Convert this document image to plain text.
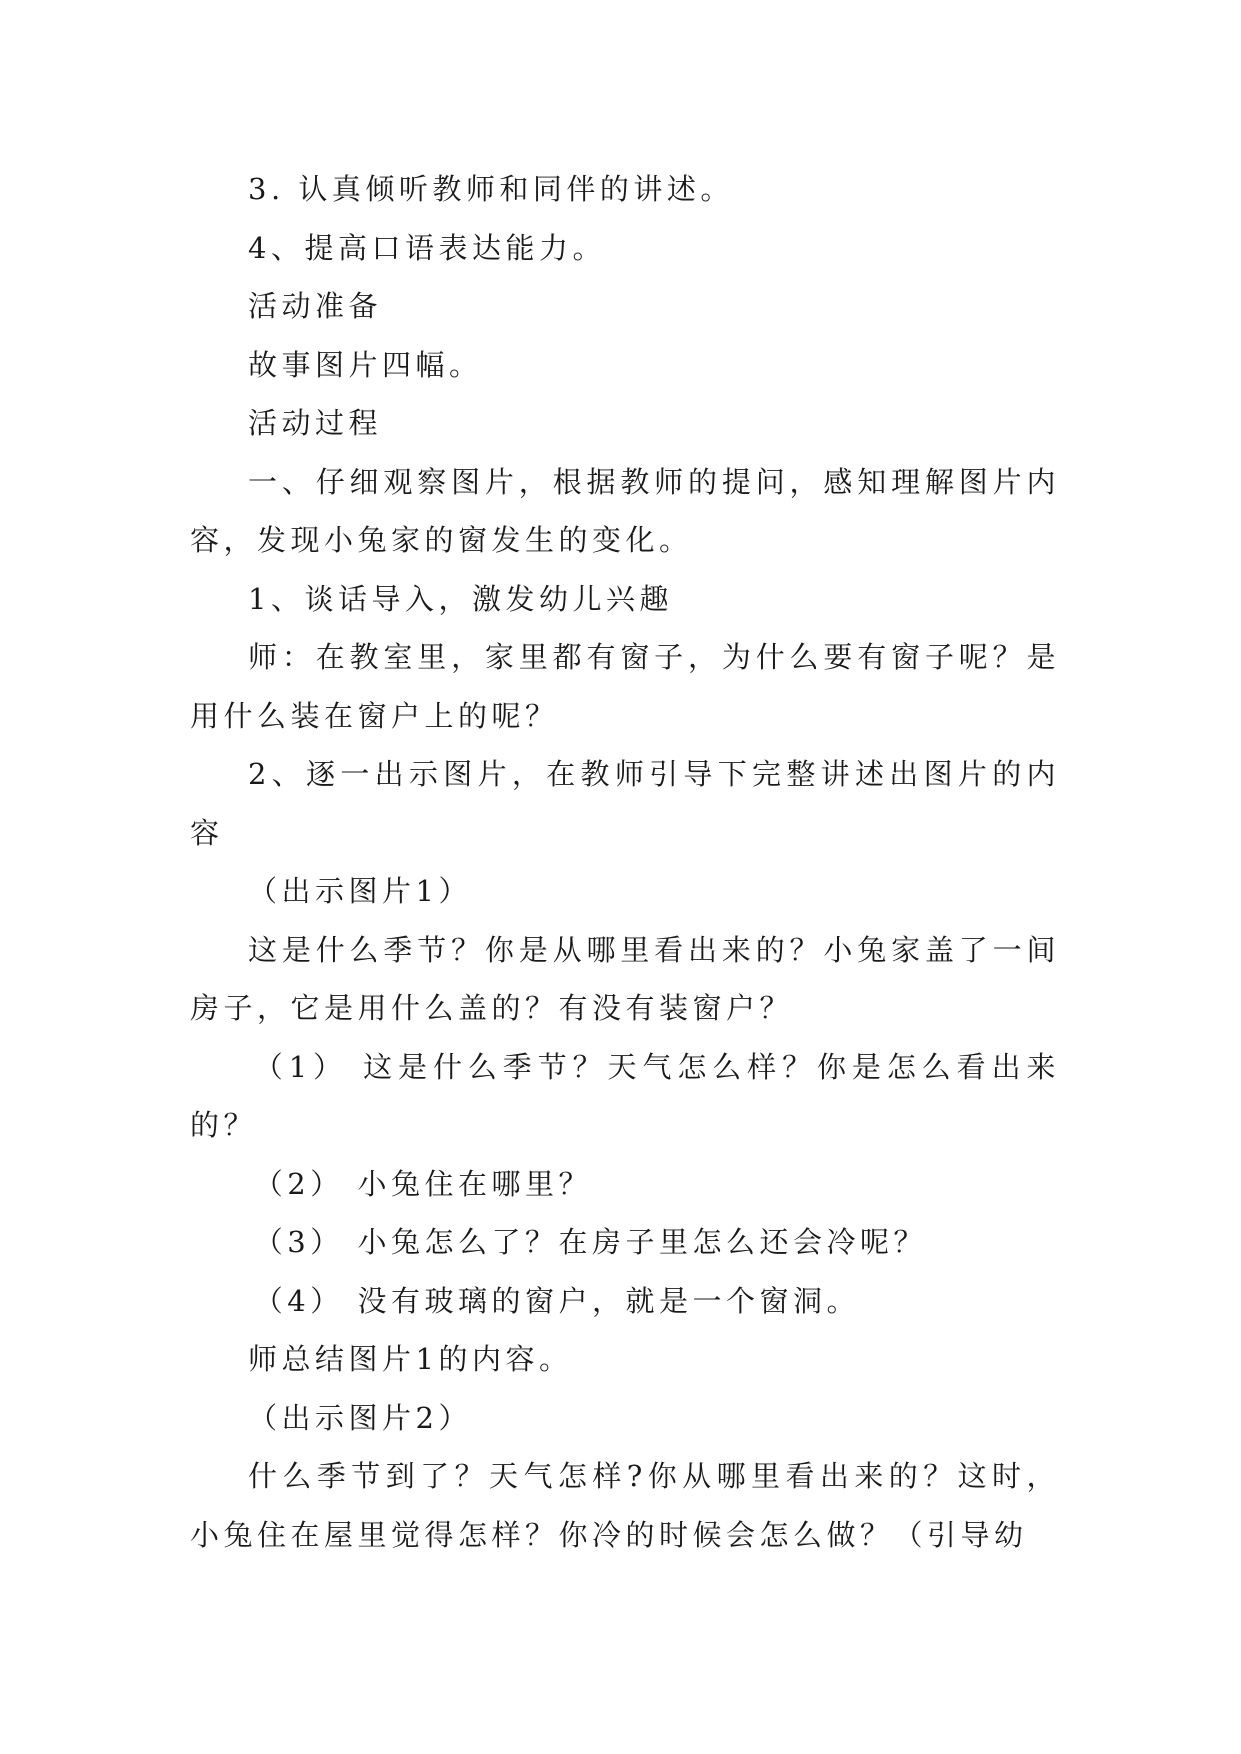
3. 认真倾听教师和同伴的讲述。

4、提高口语表达能力。

活动准备

故事图片四幅。

活动过程

一、仔细观察图片，根据教师的提问，感知理解图片内容，发现小兔家的窗发生的变化。

1、谈话导入，激发幼儿兴趣

师：在教室里，家里都有窗子，为什么要有窗子呢？是用什么装在窗户上的呢？

2、逐一出示图片，在教师引导下完整讲述出图片的内容

（出示图片1）

这是什么季节？你是从哪里看出来的？小兔家盖了一间房子，它是用什么盖的？有没有装窗户？

（1） 这是什么季节？天气怎么样？你是怎么看出来的？

（2） 小兔住在哪里？

（3） 小兔怎么了？在房子里怎么还会冷呢？

（4） 没有玻璃的窗户，就是一个窗洞。

师总结图片1的内容。

（出示图片2）

什么季节到了？天气怎样?你从哪里看出来的？这时，小兔住在屋里觉得怎样？你冷的时候会怎么做？（引导幼
